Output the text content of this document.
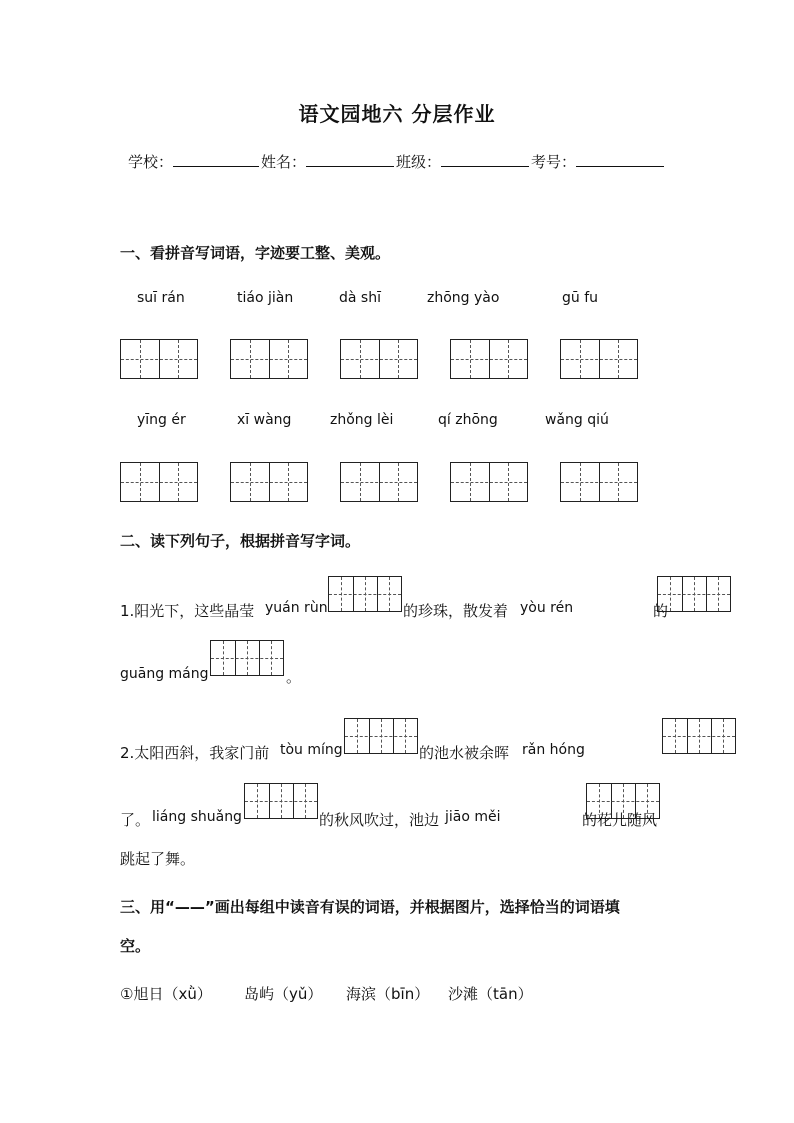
语文园地六 分层作业
学校：	姓名：	班级：	考号：
一、看拼音写词语，字迹要工整、美观。
suī rán	tiáo jiàn	dà shī	zhōng yào	gū fu
yīng ér	xī wàng	zhǒng lèi	qí zhōng	wǎng qiú
二、读下列句子，根据拼音写字词。
1.阳光下，这些晶莹 yuán rùn
	的珍珠，散发着 yòu rén	的
guāng máng	。
2.太阳西斜，我家门前 tòu míng
	的池水被余晖 rǎn hóng
了。 liáng shuǎng
	的秋风吹过，池边 jiāo měi	的花儿随风
跳起了舞。
三、用“——”画出每组中读音有误的词语，并根据图片，选择恰当的词语填
空。
①旭日（xǜ） 岛屿（yǔ） 海滨（bīn） 沙滩（tān）
